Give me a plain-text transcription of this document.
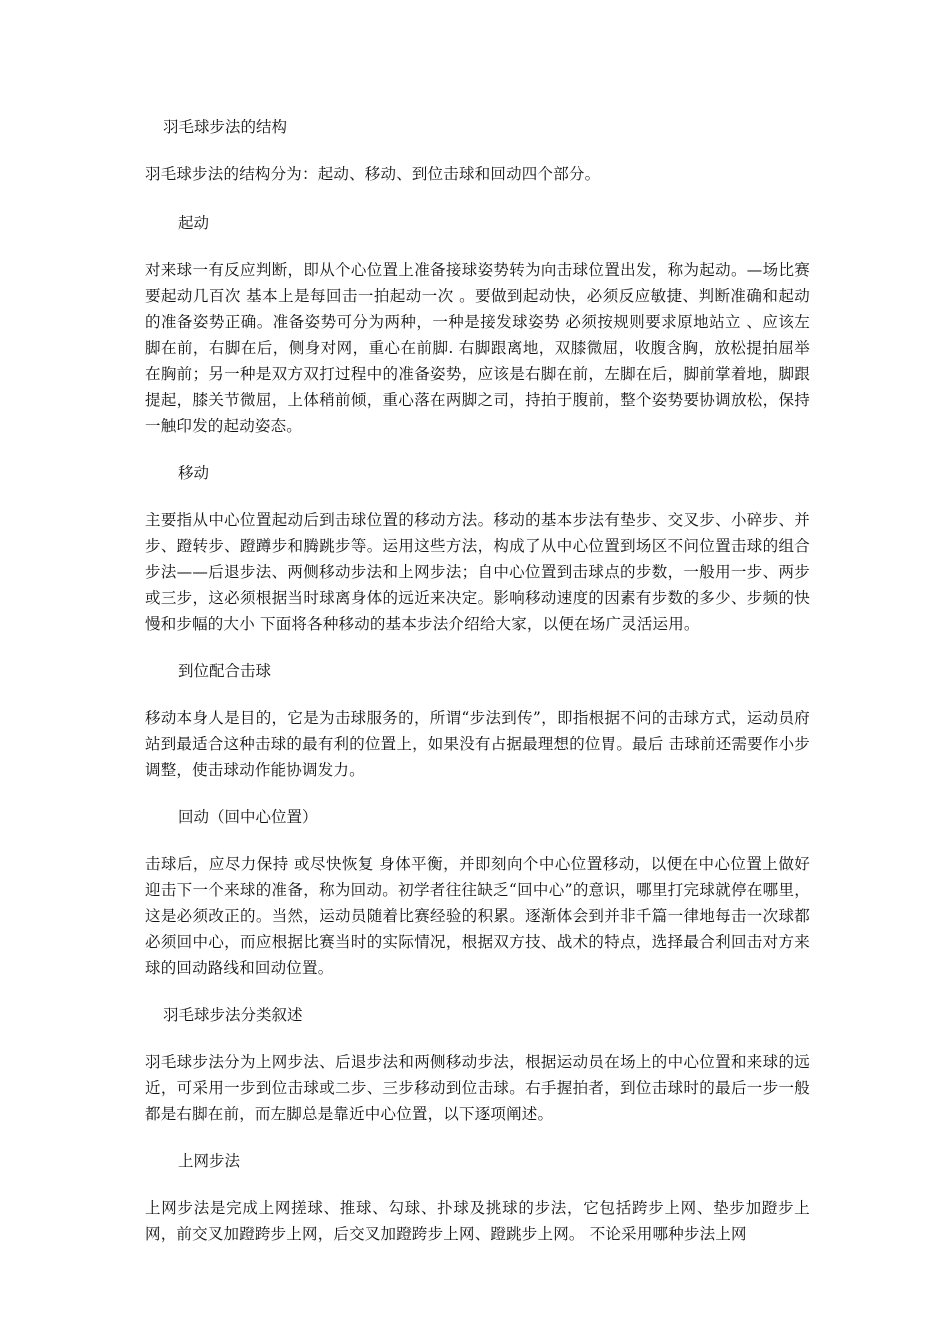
羽毛球步法的结构

羽毛球步法的结构分为：起动、移动、到位击球和回动四个部分。

起动

对来球一有反应判断，即从个心位置上准备接球姿势转为向击球位置出发，称为起动。—场比赛要起动几百次 基本上是每回击一拍起动一次 。要做到起动快，必须反应敏捷、判断准确和起动的准备姿势正确。准备姿势可分为两种，一种是接发球姿势 必须按规则要求原地站立 、应该左脚在前，右脚在后，侧身对网，重心在前脚. 右脚跟离地，双膝微屈，收腹含胸，放松提拍屈举在胸前；另一种是双方双打过程中的准备姿势，应该是右脚在前，左脚在后，脚前掌着地，脚跟提起，膝关节微屈，上体稍前倾，重心落在两脚之司，持拍于腹前，整个姿势要协调放松，保持一触印发的起动姿态。

移动

主要指从中心位置起动后到击球位置的移动方法。移动的基本步法有垫步、交叉步、小碎步、并步、蹬转步、蹬蹲步和腾跳步等。运用这些方法，构成了从中心位置到场区不问位置击球的组合步法——后退步法、两侧移动步法和上网步法；自中心位置到击球点的步数，一般用一步、两步或三步，这必须根据当时球离身体的远近来决定。影响移动速度的因素有步数的多少、步频的快慢和步幅的大小 下面将各种移动的基本步法介绍给大家，以便在场广灵活运用。

到位配合击球

移动本身人是目的，它是为击球服务的，所谓“步法到传”，即指根据不问的击球方式，运动员府站到最适合这种击球的最有利的位置上，如果没有占据最理想的位胃。最后 击球前还需要作小步调整，使击球动作能协调发力。

回动（回中心位置）

击球后，应尽力保持 或尽快恢复 身体平衡，并即刻向个中心位置移动，以便在中心位置上做好迎击下一个来球的准备，称为回动。初学者往往缺乏“回中心”的意识，哪里打完球就停在哪里，这是必须改正的。当然，运动员随着比赛经验的积累。逐渐体会到并非千篇一律地每击一次球都必须回中心，而应根据比赛当时的实际情况，根据双方技、战术的特点，选择最合利回击对方来球的回动路线和回动位置。

羽毛球步法分类叙述

羽毛球步法分为上网步法、后退步法和两侧移动步法，根据运动员在场上的中心位置和来球的远近，可采用一步到位击球或二步、三步移动到位击球。右手握拍者，到位击球时的最后一步一般都是右脚在前，而左脚总是靠近中心位置，以下逐项阐述。

上网步法

上网步法是完成上网搓球、推球、勾球、扑球及挑球的步法，它包括跨步上网、垫步加蹬步上网，前交叉加蹬跨步上网，后交叉加蹬跨步上网、蹬跳步上网。 不论采用哪种步法上网
